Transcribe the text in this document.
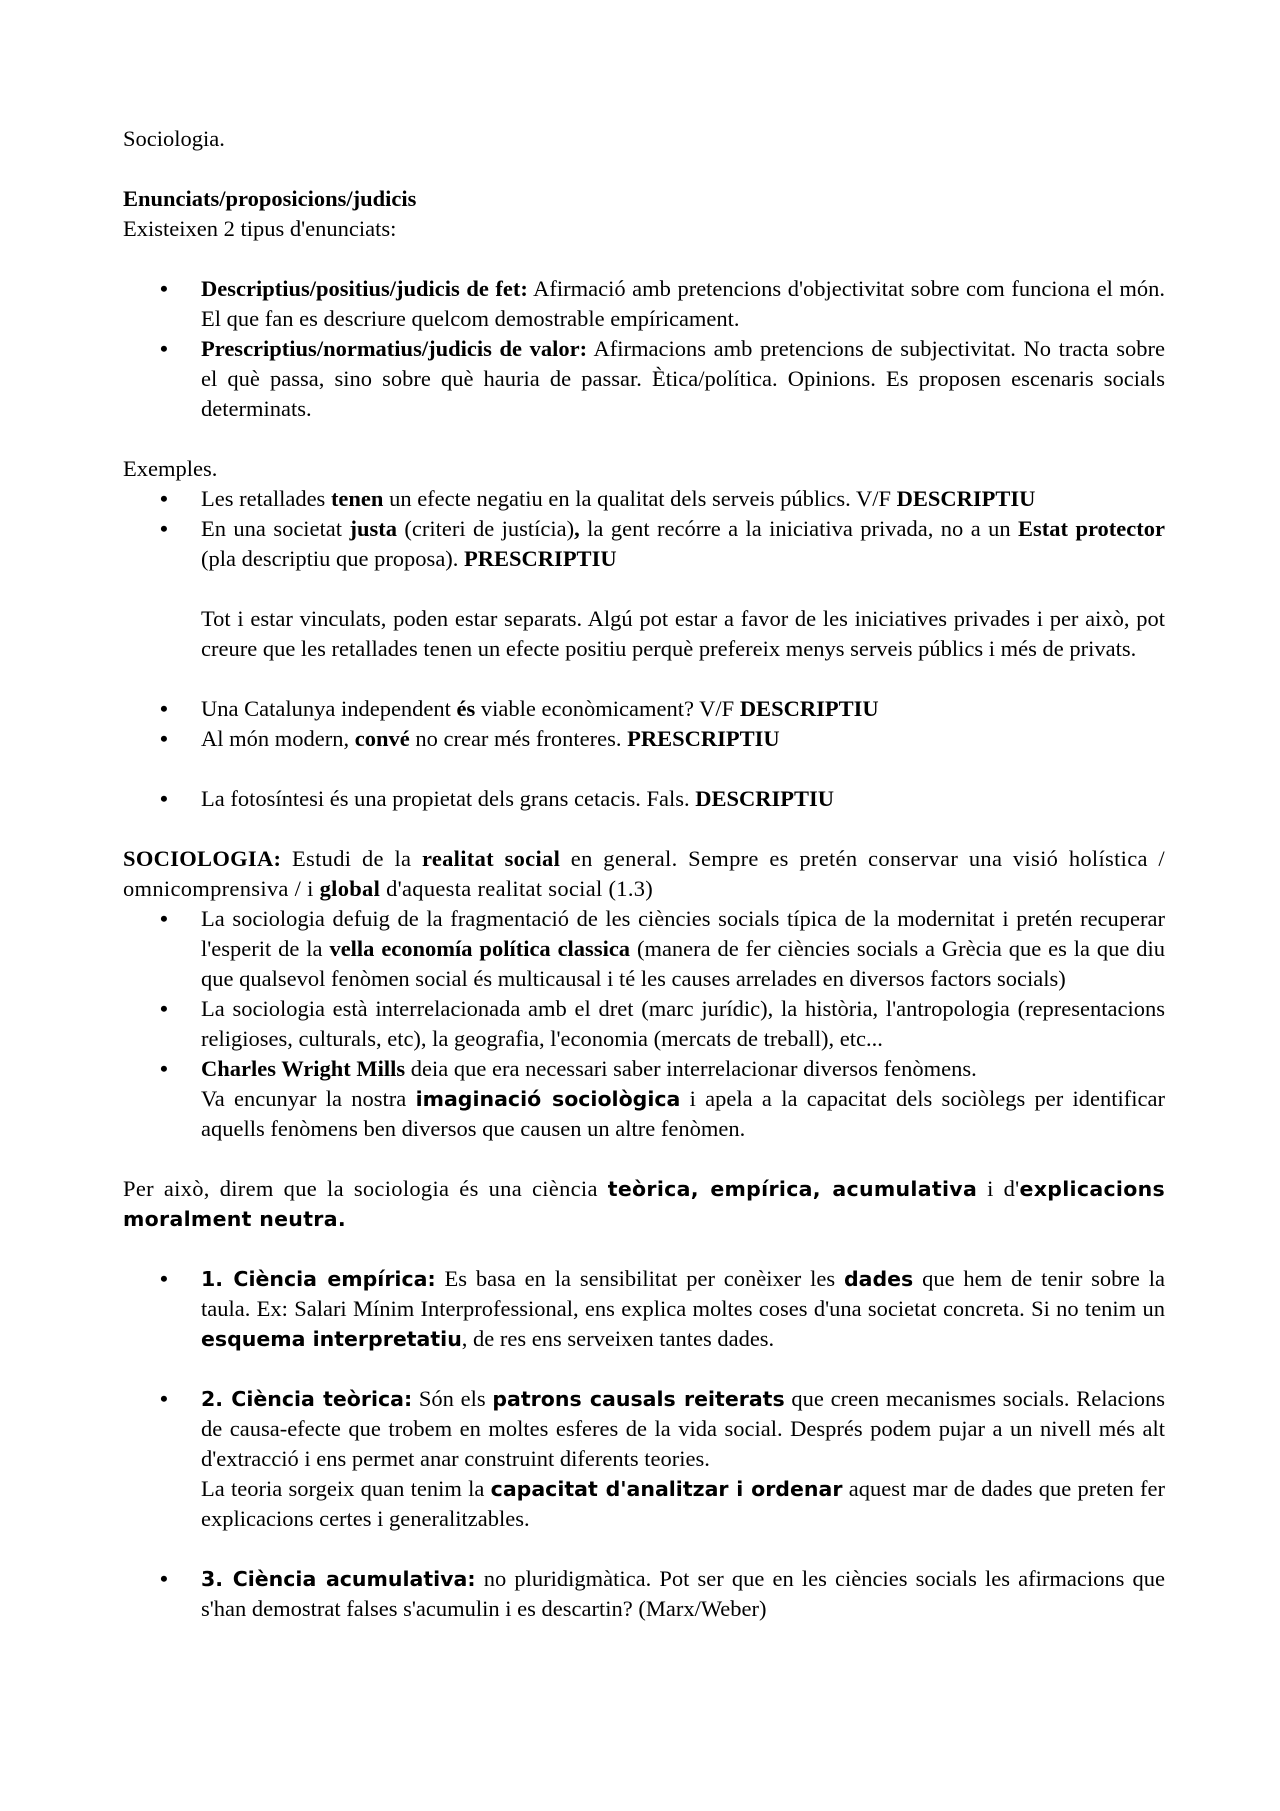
Sociologia.

Enunciats/proposicions/judicis

Existeixen 2 tipus d'enunciats:

• Descriptius/positius/judicis de fet: Afirmació amb pretencions d'objectivitat sobre com funciona el món. El que fan es descriure quelcom demostrable empíricament.
• Prescriptius/normatius/judicis de valor: Afirmacions amb pretencions de subjectivitat. No tracta sobre el què passa, sino sobre què hauria de passar. Ètica/política. Opinions. Es proposen escenaris socials determinats.

Exemples.

• Les retallades tenen un efecte negatiu en la qualitat dels serveis públics. V/F DESCRIPTIU
• En una societat justa (criteri de justícia), la gent recórre a la iniciativa privada, no a un Estat protector (pla descriptiu que proposa). PRESCRIPTIU

Tot i estar vinculats, poden estar separats. Algú pot estar a favor de les iniciatives privades i per això, pot creure que les retallades tenen un efecte positiu perquè prefereix menys serveis públics i més de privats.

• Una Catalunya independent és viable econòmicament? V/F DESCRIPTIU
• Al món modern, convé no crear més fronteres. PRESCRIPTIU
• La fotosíntesi és una propietat dels grans cetacis. Fals. DESCRIPTIU

SOCIOLOGIA: Estudi de la realitat social en general. Sempre es pretén conservar una visió holística / omnicomprensiva / i global d'aquesta realitat social (1.3)

• La sociologia defuig de la fragmentació de les ciències socials típica de la modernitat i pretén recuperar l'esperit de la vella economía política classica (manera de fer ciències socials a Grècia que es la que diu que qualsevol fenòmen social és multicausal i té les causes arrelades en diversos factors socials)
• La sociologia està interrelacionada amb el dret (marc jurídic), la història, l'antropologia (representacions religioses, culturals, etc), la geografia, l'economia (mercats de treball), etc...
• Charles Wright Mills deia que era necessari saber interrelacionar diversos fenòmens.

Va encunyar la nostra imaginació sociològica i apela a la capacitat dels sociòlegs per identificar aquells fenòmens ben diversos que causen un altre fenòmen.

Per això, direm que la sociologia és una ciència teòrica, empírica, acumulativa i d'explicacions moralment neutra.

• 1. Ciència empírica: Es basa en la sensibilitat per conèixer les dades que hem de tenir sobre la taula. Ex: Salari Mínim Interprofessional, ens explica moltes coses d'una societat concreta. Si no tenim un esquema interpretatiu, de res ens serveixen tantes dades.
• 2. Ciència teòrica: Són els patrons causals reiterats que creen mecanismes socials. Relacions de causa-efecte que trobem en moltes esferes de la vida social. Després podem pujar a un nivell més alt d'extracció i ens permet anar construint diferents teories.

La teoria sorgeix quan tenim la capacitat d'analitzar i ordenar aquest mar de dades que preten fer explicacions certes i generalitzables.

• 3. Ciència acumulativa: no pluridigmàtica. Pot ser que en les ciències socials les afirmacions que s'han demostrat falses s'acumulin i es descartin? (Marx/Weber)
